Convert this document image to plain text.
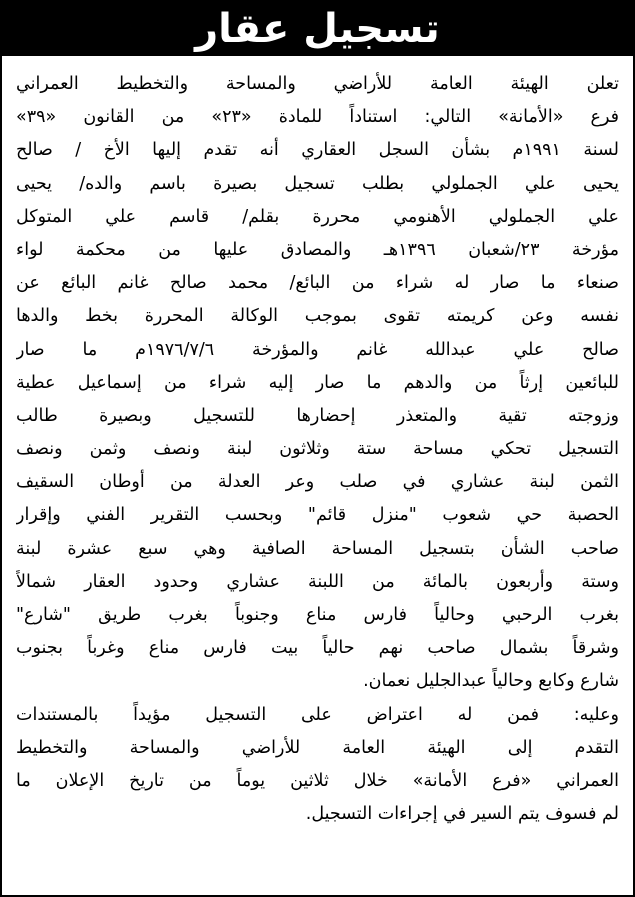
تسجيل عقار
تعلن الهيئة العامة للأراضي والمساحة والتخطيط العمراني
فرع «الأمانة» التالي: استناداً للمادة «٢٣» من القانون «٣٩»
لسنة ١٩٩١م بشأن السجل العقاري أنه تقدم إليها الأخ / صالح
يحيى علي الجملولي بطلب تسجيل بصيرة باسم والده/ يحيى
علي الجملولي الأهنومي محررة بقلم/ قاسم علي المتوكل
مؤرخة ٢٣/شعبان ١٣٩٦هـ والمصادق عليها من محكمة لواء
صنعاء ما صار له شراء من البائع/ محمد صالح غانم البائع عن
نفسه وعن كريمته تقوى بموجب الوكالة المحررة بخط والدها
صالح علي عبدالله غانم والمؤرخة ١٩٧٦/٧/٦م ما صار
للبائعين إرثاً من والدهم ما صار إليه شراء من إسماعيل عطية
وزوجته تقية والمتعذر إحضارها للتسجيل وبصيرة طالب
التسجيل تحكي مساحة ستة وثلاثون لبنة ونصف وثمن ونصف
الثمن لبنة عشاري في صلب وعر العدلة من أوطان السقيف
الحصبة حي شعوب "منزل قائم" وبحسب التقرير الفني وإقرار
صاحب الشأن بتسجيل المساحة الصافية وهي سبع عشرة لبنة
وستة وأربعون بالمائة من اللبنة عشاري وحدود العقار شمالاً
بغرب الرحبي وحالياً فارس مناع وجنوباً بغرب طريق "شارع"
وشرقاً بشمال صاحب نهم حالياً بيت فارس مناع وغرباً بجنوب
شارع وكابع وحالياً عبدالجليل نعمان.
وعليه: فمن له اعتراض على التسجيل مؤيداً بالمستندات
التقدم إلى الهيئة العامة للأراضي والمساحة والتخطيط
العمراني «فرع الأمانة» خلال ثلاثين يوماً من تاريخ الإعلان ما
لم فسوف يتم السير في إجراءات التسجيل.
